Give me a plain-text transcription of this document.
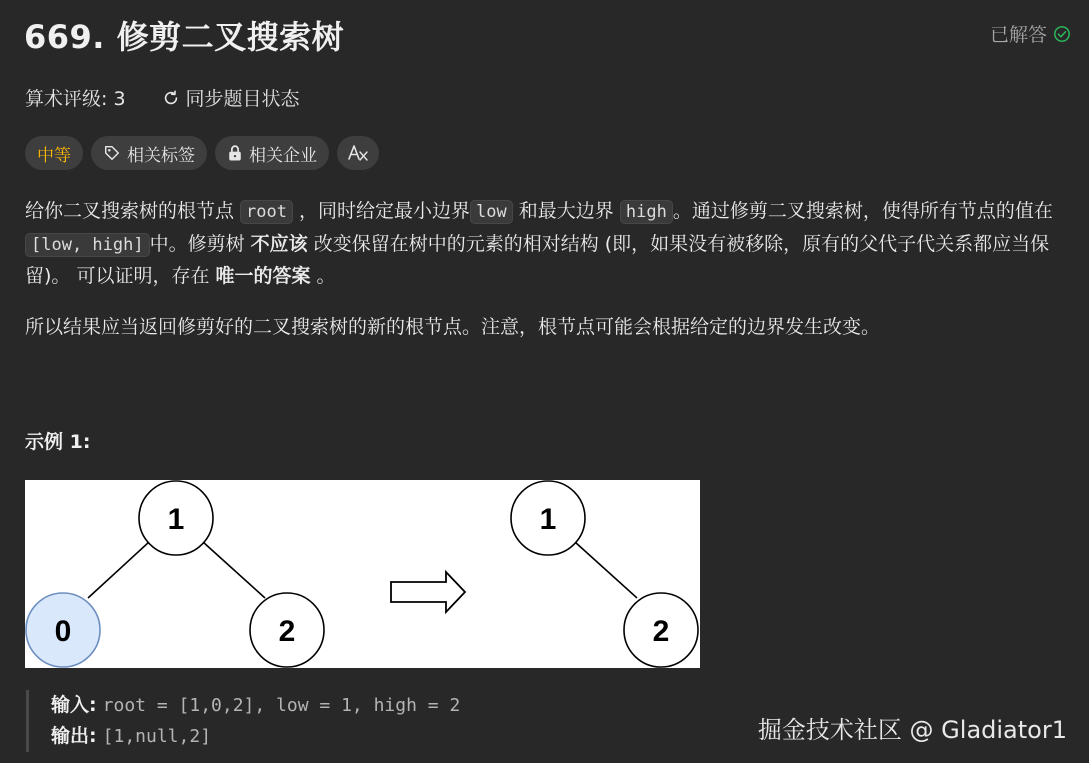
669. 修剪二叉搜索树	已解答
算术评级: 3	同步题目状态
中等	相关标签	相关企业

给你二叉搜索树的根节点 root ，同时给定最小边界 low 和最大边界 high 。通过修剪二叉搜索树，使得所有节点的值在[low, high] 中。修剪树 不应该 改变保留在树中的元素的相对结构 (即，如果没有被移除，原有的父代子代关系都应当保留)。 可以证明，存在 唯一的答案 。

所以结果应当返回修剪好的二叉搜索树的新的根节点。注意，根节点可能会根据给定的边界发生改变。

示例 1:
1
0	2
1
2
输入: root = [1,0,2], low = 1, high = 2
输出: [1,null,2]	掘金技术社区 @ Gladiator1
